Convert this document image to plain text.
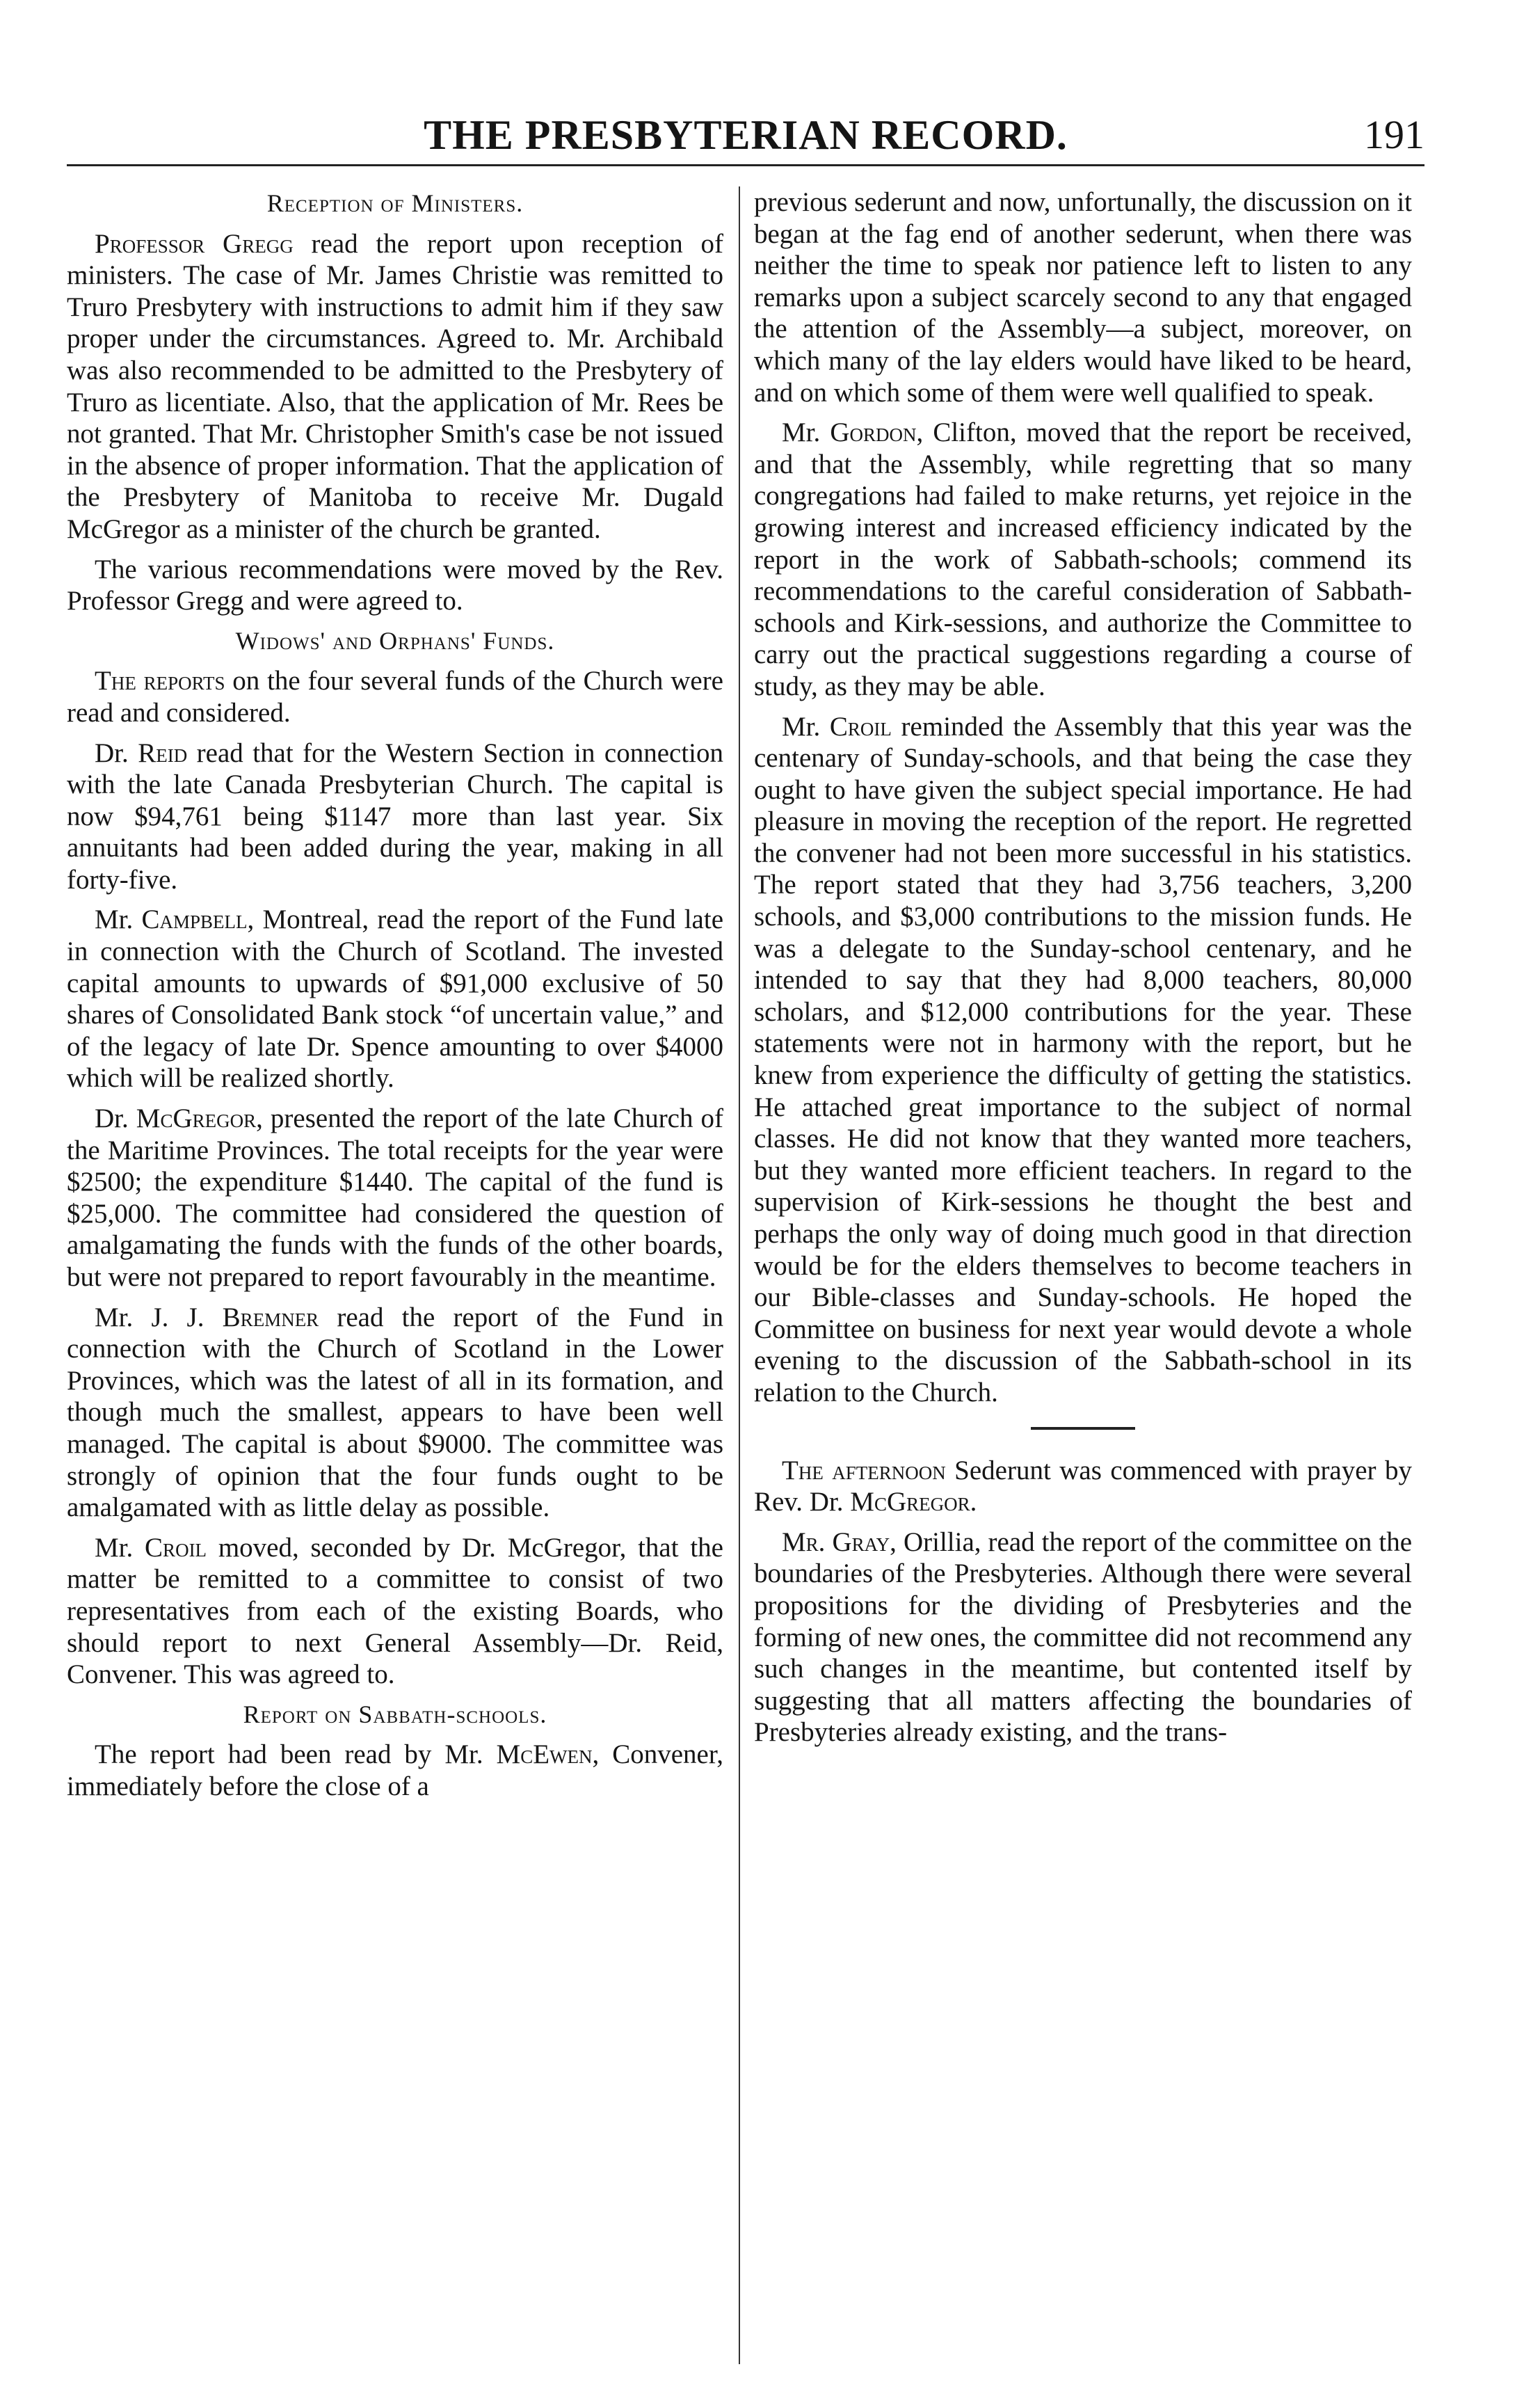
THE PRESBYTERIAN RECORD.	191
Reception of Ministers.

Professor Gregg read the report upon reception of ministers. The case of Mr. James Christie was remitted to Truro Presbytery with instructions to admit him if they saw proper under the circumstances. Agreed to. Mr. Archibald was also recommended to be admitted to the Presbytery of Truro as licentiate. Also, that the application of Mr. Rees be not granted. That Mr. Christopher Smith's case be not issued in the absence of proper information. That the application of the Presbytery of Manitoba to receive Mr. Dugald McGregor as a minister of the church be granted.

The various recommendations were moved by the Rev. Professor Gregg and were agreed to.

Widows' and Orphans' Funds.

The reports on the four several funds of the Church were read and considered.

Dr. Reid read that for the Western Section in connection with the late Canada Presbyterian Church. The capital is now $94,761 being $1147 more than last year. Six annuitants had been added during the year, making in all forty-five.

Mr. Campbell, Montreal, read the report of the Fund late in connection with the Church of Scotland. The invested capital amounts to upwards of $91,000 exclusive of 50 shares of Consolidated Bank stock “of uncertain value,” and of the legacy of late Dr. Spence amounting to over $4000 which will be realized shortly.

Dr. McGregor, presented the report of the late Church of the Maritime Provinces. The total receipts for the year were $2500; the expenditure $1440. The capital of the fund is $25,000. The committee had considered the question of amalgamating the funds with the funds of the other boards, but were not prepared to report favourably in the meantime.

Mr. J. J. Bremner read the report of the Fund in connection with the Church of Scotland in the Lower Provinces, which was the latest of all in its formation, and though much the smallest, appears to have been well managed. The capital is about $9000. The committee was strongly of opinion that the four funds ought to be amalgamated with as little delay as possible.

Mr. Croil moved, seconded by Dr. McGregor, that the matter be remitted to a committee to consist of two representatives from each of the existing Boards, who should report to next General Assembly—Dr. Reid, Convener. This was agreed to.

Report on Sabbath-schools.

The report had been read by Mr. McEwen, Convener, immediately before the close of a

previous sederunt and now, unfortunally, the discussion on it began at the fag end of another sederunt, when there was neither the time to speak nor patience left to listen to any remarks upon a subject scarcely second to any that engaged the attention of the Assembly—a subject, moreover, on which many of the lay elders would have liked to be heard, and on which some of them were well qualified to speak.

Mr. Gordon, Clifton, moved that the report be received, and that the Assembly, while regretting that so many congregations had failed to make returns, yet rejoice in the growing interest and increased efficiency indicated by the report in the work of Sabbath-schools; commend its recommendations to the careful consideration of Sabbath-schools and Kirk-sessions, and authorize the Committee to carry out the practical suggestions regarding a course of study, as they may be able.

Mr. Croil reminded the Assembly that this year was the centenary of Sunday-schools, and that being the case they ought to have given the subject special importance. He had pleasure in moving the reception of the report. He regretted the convener had not been more successful in his statistics. The report stated that they had 3,756 teachers, 3,200 schools, and $3,000 contributions to the mission funds. He was a delegate to the Sunday-school centenary, and he intended to say that they had 8,000 teachers, 80,000 scholars, and $12,000 contributions for the year. These statements were not in harmony with the report, but he knew from experience the difficulty of getting the statistics. He attached great importance to the subject of normal classes. He did not know that they wanted more teachers, but they wanted more efficient teachers. In regard to the supervision of Kirk-sessions he thought the best and perhaps the only way of doing much good in that direction would be for the elders themselves to become teachers in our Bible-classes and Sunday-schools. He hoped the Committee on business for next year would devote a whole evening to the discussion of the Sabbath-school in its relation to the Church.

The afternoon Sederunt was commenced with prayer by Rev. Dr. McGregor.

Mr. Gray, Orillia, read the report of the committee on the boundaries of the Presbyteries. Although there were several propositions for the dividing of Presbyteries and the forming of new ones, the committee did not recommend any such changes in the meantime, but contented itself by suggesting that all matters affecting the boundaries of Presbyteries already existing, and the trans-
